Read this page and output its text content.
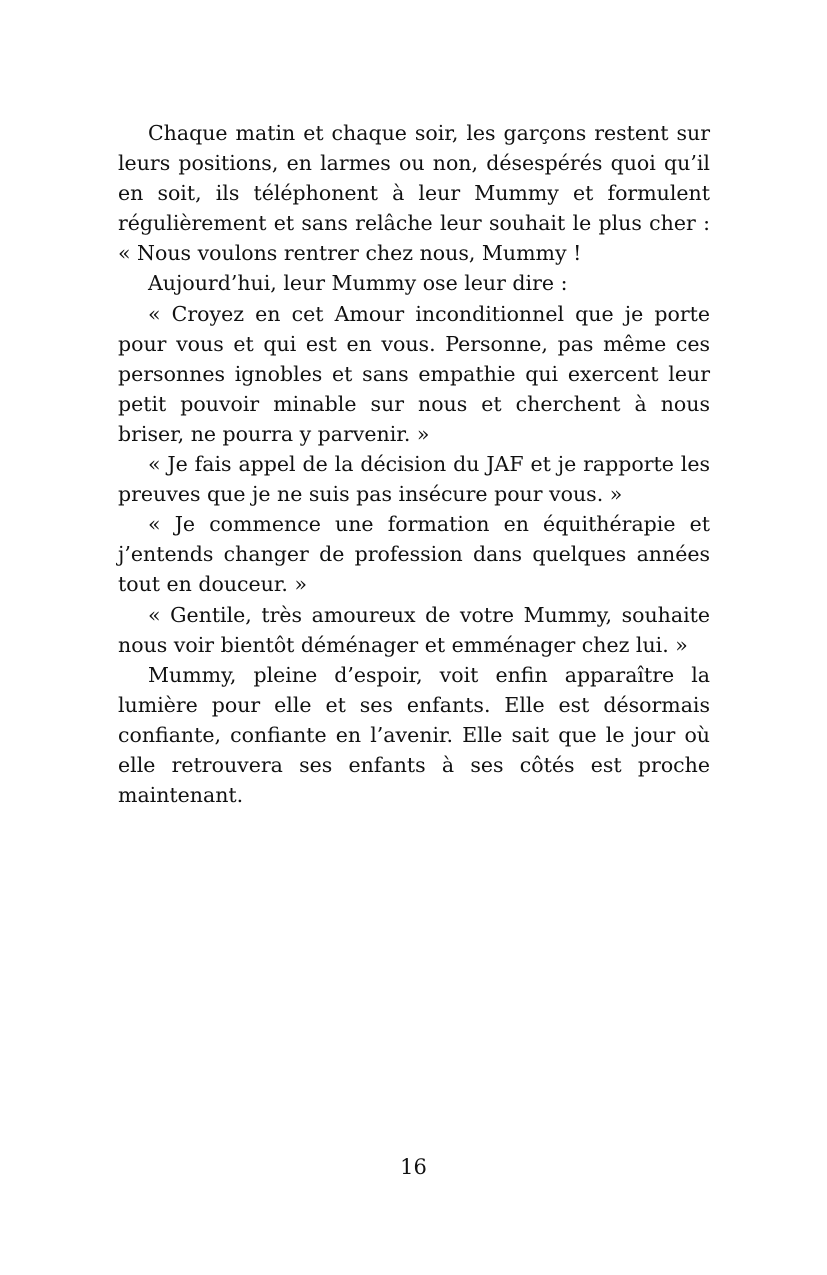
Chaque matin et chaque soir, les garçons restent sur leurs positions, en larmes ou non, désespérés quoi qu’il en soit, ils téléphonent à leur Mummy et formulent régulièrement et sans relâche leur souhait le plus cher : « Nous voulons rentrer chez nous, Mummy !

Aujourd’hui, leur Mummy ose leur dire :

« Croyez en cet Amour inconditionnel que je porte pour vous et qui est en vous. Personne, pas même ces personnes ignobles et sans empathie qui exercent leur petit pouvoir minable sur nous et cherchent à nous briser, ne pourra y parvenir. »

« Je fais appel de la décision du JAF et je rapporte les preuves que je ne suis pas insécure pour vous. »

« Je commence une formation en équithérapie et j’entends changer de profession dans quelques années tout en douceur. »

« Gentile, très amoureux de votre Mummy, souhaite nous voir bientôt déménager et emménager chez lui. »

Mummy, pleine d’espoir, voit enfin apparaître la lumière pour elle et ses enfants. Elle est désormais confiante, confiante en l’avenir. Elle sait que le jour où elle retrouvera ses enfants à ses côtés est proche maintenant.

16
